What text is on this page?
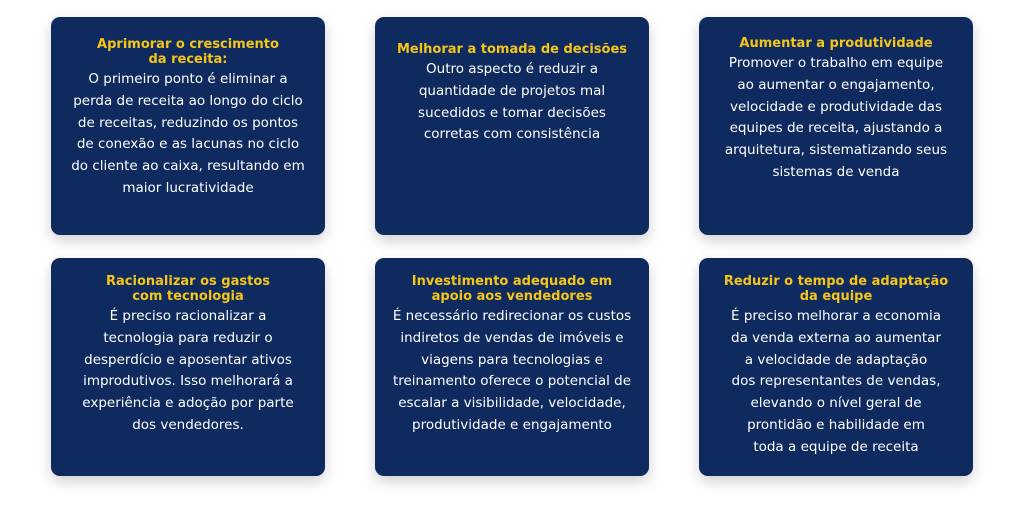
Aprimorar o crescimento
da receita:
O primeiro ponto é eliminar a
perda de receita ao longo do ciclo
de receitas, reduzindo os pontos
de conexão e as lacunas no ciclo
do cliente ao caixa, resultando em
maior lucratividade
Melhorar a tomada de decisões
Outro aspecto é reduzir a
quantidade de projetos mal
sucedidos e tomar decisões
corretas com consistência
Aumentar a produtividade
Promover o trabalho em equipe
ao aumentar o engajamento,
velocidade e produtividade das
equipes de receita, ajustando a
arquitetura, sistematizando seus
sistemas de venda
Racionalizar os gastos
com tecnologia
É preciso racionalizar a
tecnologia para reduzir o
desperdício e aposentar ativos
improdutivos. Isso melhorará a
experiência e adoção por parte
dos vendedores.
Investimento adequado em
apoio aos vendedores
É necessário redirecionar os custos
indiretos de vendas de imóveis e
viagens para tecnologias e
treinamento oferece o potencial de
escalar a visibilidade, velocidade,
produtividade e engajamento
Reduzir o tempo de adaptação
da equipe
É preciso melhorar a economia
da venda externa ao aumentar
a velocidade de adaptação
dos representantes de vendas,
elevando o nível geral de
prontidão e habilidade em
toda a equipe de receita
